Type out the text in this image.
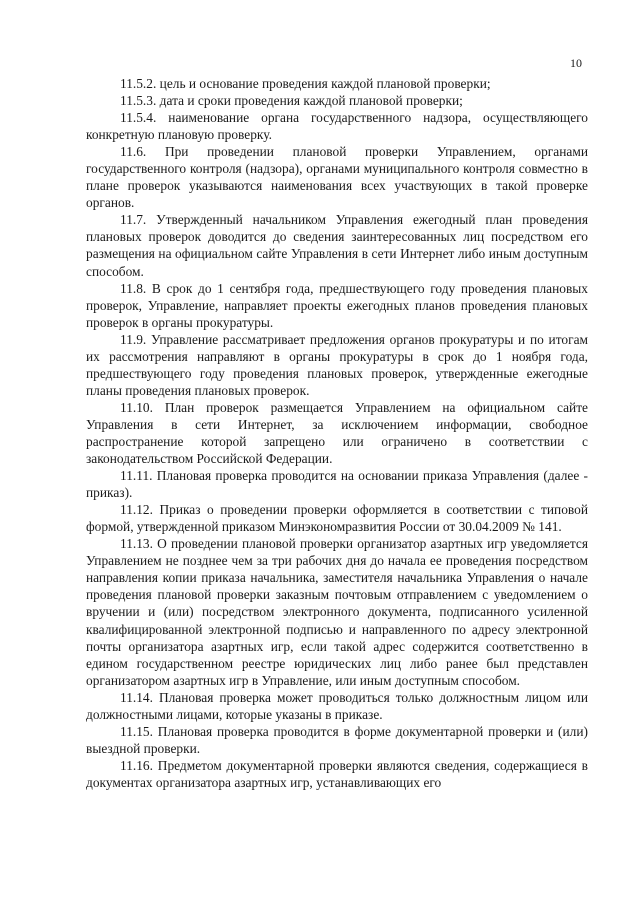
10

11.5.2. цель и основание проведения каждой плановой проверки;

11.5.3. дата и сроки проведения каждой плановой проверки;

11.5.4. наименование органа государственного надзора, осуществляющего конкретную плановую проверку.

11.6. При проведении плановой проверки Управлением, органами государственного контроля (надзора), органами муниципального контроля совместно в плане проверок указываются наименования всех участвующих в такой проверке органов.

11.7. Утвержденный начальником Управления ежегодный план проведения плановых проверок доводится до сведения заинтересованных лиц посредством его размещения на официальном сайте Управления в сети Интернет либо иным доступным способом.

11.8. В срок до 1 сентября года, предшествующего году проведения плановых проверок, Управление, направляет проекты ежегодных планов проведения плановых проверок в органы прокуратуры.

11.9. Управление рассматривает предложения органов прокуратуры и по итогам их рассмотрения направляют в органы прокуратуры в срок до 1 ноября года, предшествующего году проведения плановых проверок, утвержденные ежегодные планы проведения плановых проверок.

11.10. План проверок размещается Управлением на официальном сайте Управления в сети Интернет, за исключением информации, свободное распространение которой запрещено или ограничено в соответствии с законодательством Российской Федерации.

11.11. Плановая проверка проводится на основании приказа Управления (далее - приказ).

11.12. Приказ о проведении проверки оформляется в соответствии с типовой формой, утвержденной приказом Минэкономразвития России от 30.04.2009 № 141.

11.13. О проведении плановой проверки организатор азартных игр уведомляется Управлением не позднее чем за три рабочих дня до начала ее проведения посредством направления копии приказа начальника, заместителя начальника Управления о начале проведения плановой проверки заказным почтовым отправлением с уведомлением о вручении и (или) посредством электронного документа, подписанного усиленной квалифицированной электронной подписью и направленного по адресу электронной почты организатора азартных игр, если такой адрес содержится соответственно в едином государственном реестре юридических лиц либо ранее был представлен организатором азартных игр в Управление, или иным доступным способом.

11.14. Плановая проверка может проводиться только должностным лицом или должностными лицами, которые указаны в приказе.

11.15. Плановая проверка проводится в форме документарной проверки и (или) выездной проверки.

11.16. Предметом документарной проверки являются сведения, содержащиеся в документах организатора азартных игр, устанавливающих его
